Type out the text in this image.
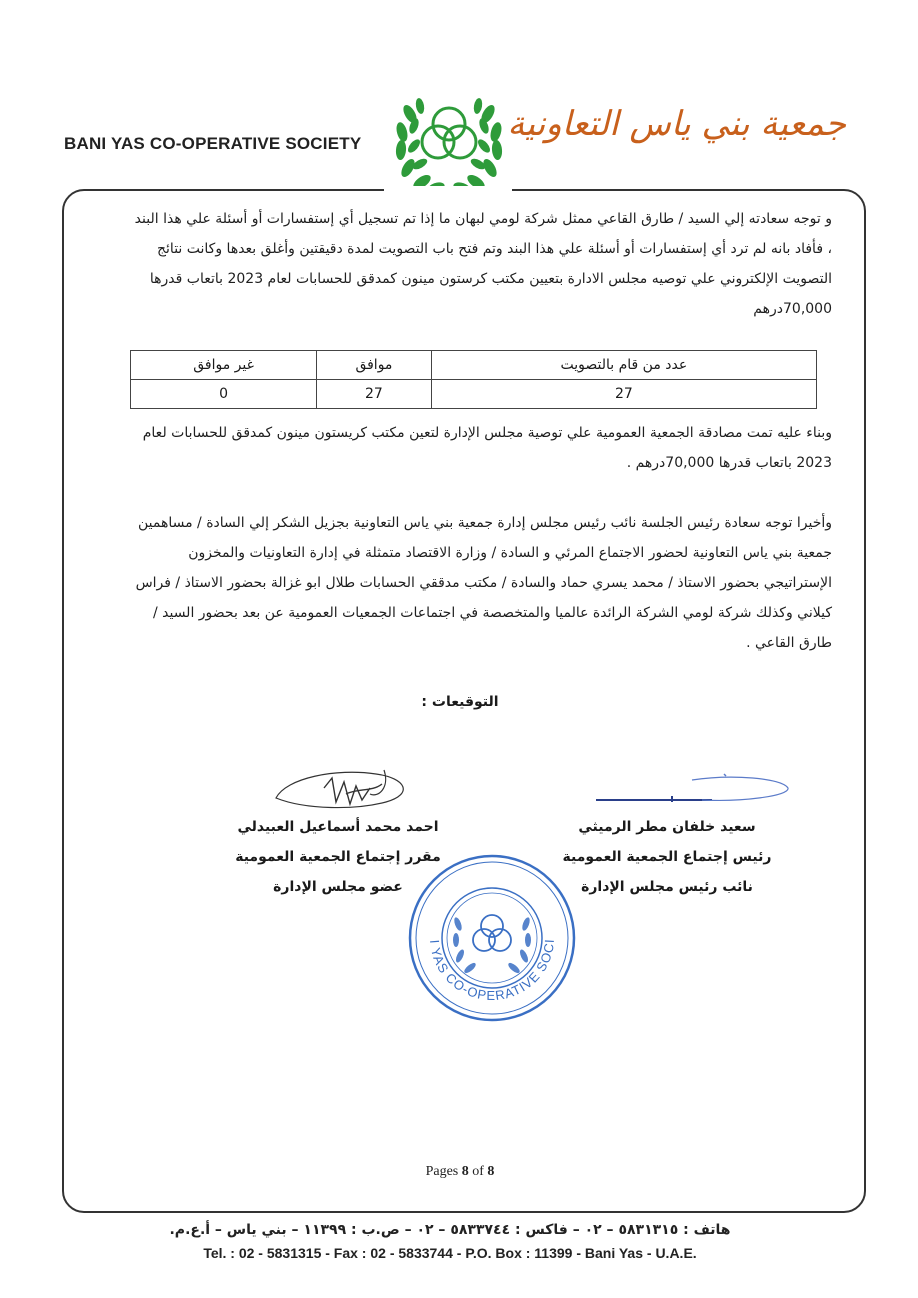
BANI YAS CO-OPERATIVE SOCIETY	جمعية بني ياس التعاونية
و توجه سعادته إلي السيد / طارق القاعي ممثل شركة لومي لبهان ما إذا تم تسجيل أي إستفسارات أو أسئلة علي هذا البند ، فأفاد بانه لم ترد أي إستفسارات أو أسئلة علي هذا البند وتم فتح باب التصويت لمدة دقيقتين وأغلق بعدها وكانت نتائج التصويت الإلكتروني علي توصيه مجلس الادارة بتعيين مكتب كرستون مينون كمدقق للحسابات لعام 2023 باتعاب قدرها 70,000درهم
عدد من قام بالتصويت	موافق	غير موافق
27	27	0
وبناء عليه تمت مصادقة الجمعية العمومية علي توصية مجلس الإدارة لتعين مكتب كريستون مينون كمدقق للحسابات لعام 2023 باتعاب قدرها 70,000درهم .
وأخيرا توجه سعادة رئيس الجلسة نائب رئيس مجلس إدارة جمعية بني ياس التعاونية بجزيل الشكر إلي السادة / مساهمين جمعية بني ياس التعاونية لحضور الاجتماع المرئي و السادة / وزارة الاقتصاد متمثلة في إدارة التعاونيات والمخزون الإستراتيجي بحضور الاستاذ / محمد يسري حماد والسادة / مكتب مدققي الحسابات طلال ابو غزالة بحضور الاستاذ / فراس كيلاني وكذلك شركة لومي الشركة الرائدة عالميا والمتخصصة في اجتماعات الجمعيات العمومية عن بعد بحضور السيد / طارق القاعي .
التوقيعات :
احمد محمد أسماعيل العبيدلي
مقرر إجتماع الجمعية العمومية
عضو مجلس الإدارة
سعيد خلفان مطر الرميثي
رئيس إجتماع الجمعية العمومية
نائب رئيس مجلس الإدارة
I YAS CO-OPERATIVE SOCI
Pages 8 of 8
هاتف : ٥٨٣١٣١٥ – ٠٢ – فاكس : ٥٨٣٣٧٤٤ – ٠٢ – ص.ب : ١١٣٩٩ – بني ياس – أ.ع.م.
Tel. : 02 - 5831315 - Fax : 02 - 5833744 - P.O. Box : 11399 - Bani Yas - U.A.E.
